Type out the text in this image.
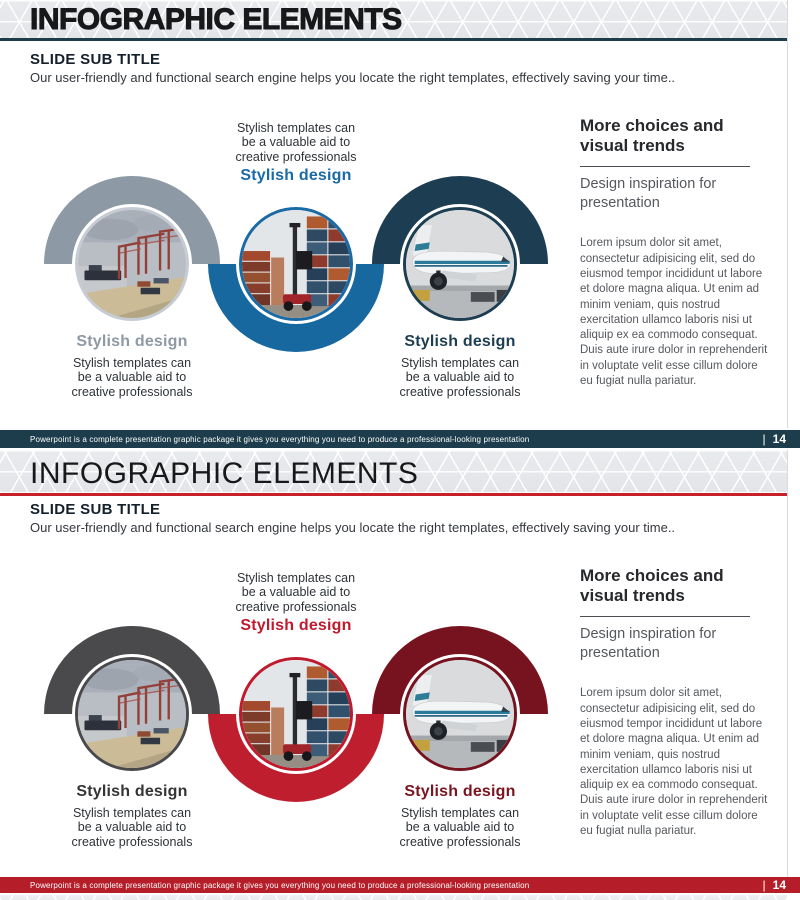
INFOGRAPHIC ELEMENTS
SLIDE SUB TITLE

Our user-friendly and functional search engine helps you locate the right templates, effectively saving your time..

Stylish templates can
be a valuable aid to
creative professionals
Stylish design
Stylish design
Stylish templates can
be a valuable aid to
creative professionals
Stylish design
Stylish templates can
be a valuable aid to
creative professionals
More choices and
visual trends
Design inspiration for
presentation

Lorem ipsum dolor sit amet, consectetur adipisicing elit, sed do eiusmod tempor incididunt ut labore et dolore magna aliqua. Ut enim ad minim veniam, quis nostrud exercitation ullamco laboris nisi ut aliquip ex ea commodo consequat. Duis aute irure dolor in reprehenderit in voluptate velit esse cillum dolore eu fugiat nulla pariatur.

Powerpoint is a complete presentation graphic package it gives you everything you need to produce a professional-looking presentation	| 14
INFOGRAPHIC ELEMENTS
SLIDE SUB TITLE

Our user-friendly and functional search engine helps you locate the right templates, effectively saving your time..

Stylish templates can
be a valuable aid to
creative professionals
Stylish design
Stylish design
Stylish templates can
be a valuable aid to
creative professionals
Stylish design
Stylish templates can
be a valuable aid to
creative professionals
More choices and
visual trends
Design inspiration for
presentation

Lorem ipsum dolor sit amet, consectetur adipisicing elit, sed do eiusmod tempor incididunt ut labore et dolore magna aliqua. Ut enim ad minim veniam, quis nostrud exercitation ullamco laboris nisi ut aliquip ex ea commodo consequat. Duis aute irure dolor in reprehenderit in voluptate velit esse cillum dolore eu fugiat nulla pariatur.

Powerpoint is a complete presentation graphic package it gives you everything you need to produce a professional-looking presentation	| 14
